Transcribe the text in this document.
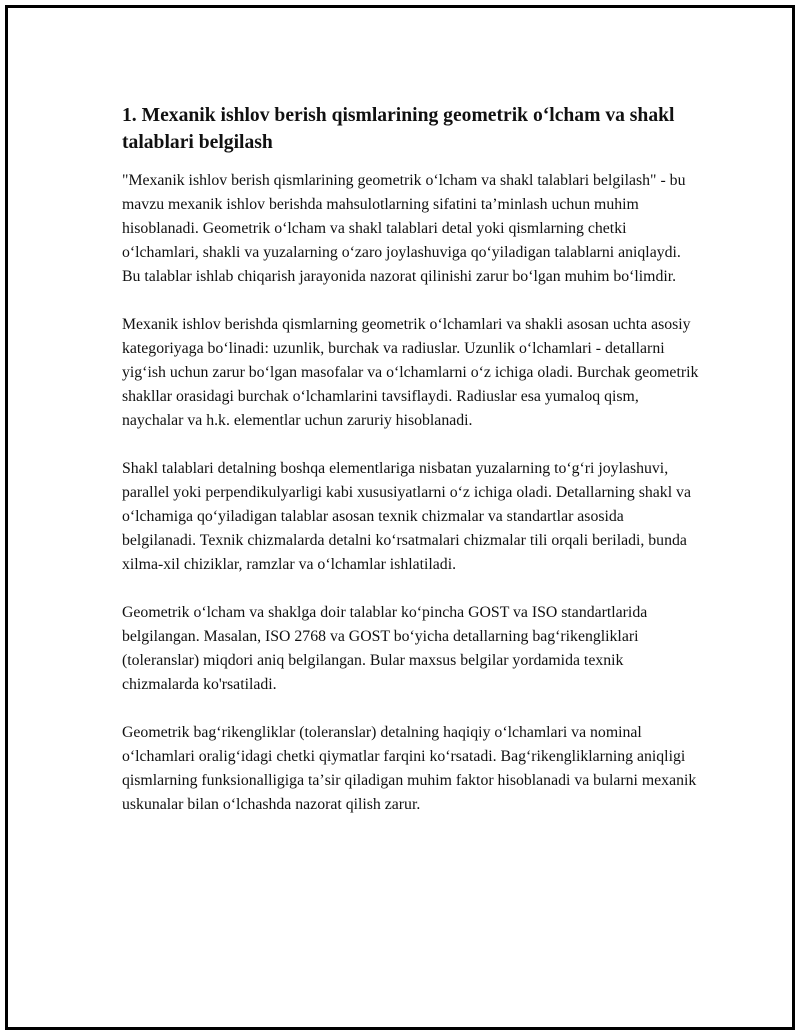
1. Mexanik ishlov berish qismlarining geometrik oʻlcham va shakl talablari belgilash

"Mexanik ishlov berish qismlarining geometrik oʻlcham va shakl talablari belgilash" - bu mavzu mexanik ishlov berishda mahsulotlarning sifatini taʼminlash uchun muhim hisoblanadi. Geometrik oʻlcham va shakl talablari detal yoki qismlarning chetki oʻlchamlari, shakli va yuzalarning oʻzaro joylashuviga qoʻyiladigan talablarni aniqlaydi. Bu talablar ishlab chiqarish jarayonida nazorat qilinishi zarur boʻlgan muhim boʻlimdir.

Mexanik ishlov berishda qismlarning geometrik oʻlchamlari va shakli asosan uchta asosiy kategoriyaga boʻlinadi: uzunlik, burchak va radiuslar. Uzunlik oʻlchamlari - detallarni yigʻish uchun zarur boʻlgan masofalar va oʻlchamlarni oʻz ichiga oladi. Burchak geometrik shakllar orasidagi burchak oʻlchamlarini tavsiflaydi. Radiuslar esa yumaloq qism, naychalar va h.k. elementlar uchun zaruriy hisoblanadi.

Shakl talablari detalning boshqa elementlariga nisbatan yuzalarning toʻgʻri joylashuvi, parallel yoki perpendikulyarligi kabi xususiyatlarni oʻz ichiga oladi. Detallarning shakl va oʻlchamiga qoʻyiladigan talablar asosan texnik chizmalar va standartlar asosida belgilanadi. Texnik chizmalarda detalni koʻrsatmalari chizmalar tili orqali beriladi, bunda xilma-xil chiziklar, ramzlar va oʻlchamlar ishlatiladi.

Geometrik oʻlcham va shaklga doir talablar koʻpincha GOST va ISO standartlarida belgilangan. Masalan, ISO 2768 va GOST boʻyicha detallarning bagʻrikengliklari (toleranslar) miqdori aniq belgilangan. Bular maxsus belgilar yordamida texnik chizmalarda ko'rsatiladi.

Geometrik bagʻrikengliklar (toleranslar) detalning haqiqiy oʻlchamlari va nominal oʻlchamlari oraligʻidagi chetki qiymatlar farqini koʻrsatadi. Bagʻrikengliklarning aniqligi qismlarning funksionalligiga taʼsir qiladigan muhim faktor hisoblanadi va bularni mexanik uskunalar bilan oʻlchashda nazorat qilish zarur.
